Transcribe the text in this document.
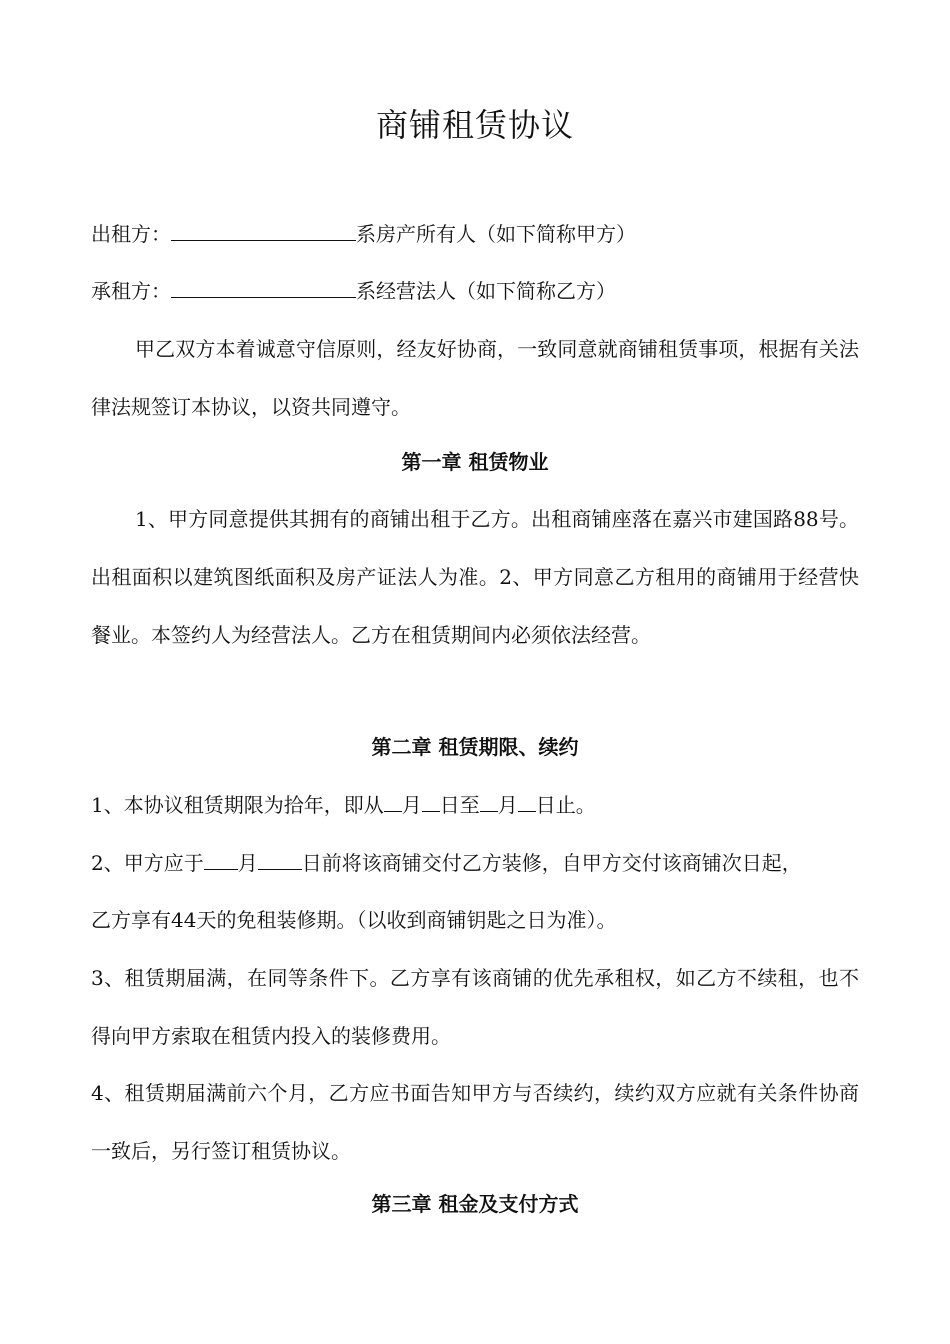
商铺租赁协议
出租方：	系房产所有人（如下简称甲方）
承租方：	系经营法人（如下简称乙方）
甲乙双方本着诚意守信原则，经友好协商，一致同意就商铺租赁事项，根据有关法律法规签订本协议，以资共同遵守。
第一章 租赁物业
1、甲方同意提供其拥有的商铺出租于乙方。出租商铺座落在嘉兴市建国路88号。出租面积以建筑图纸面积及房产证法人为准。2、甲方同意乙方租用的商铺用于经营快餐业。本签约人为经营法人。乙方在租赁期间内必须依法经营。
第二章 租赁期限、续约
1、本协议租赁期限为拾年，即从 月 日至 月 日止。
2、甲方应于 月 日前将该商铺交付乙方装修，自甲方交付该商铺次日起，
乙方享有44天的免租装修期。（以收到商铺钥匙之日为准）。
3、租赁期届满，在同等条件下。乙方享有该商铺的优先承租权，如乙方不续租，也不得向甲方索取在租赁内投入的装修费用。
4、租赁期届满前六个月，乙方应书面告知甲方与否续约，续约双方应就有关条件协商一致后，另行签订租赁协议。
第三章 租金及支付方式
